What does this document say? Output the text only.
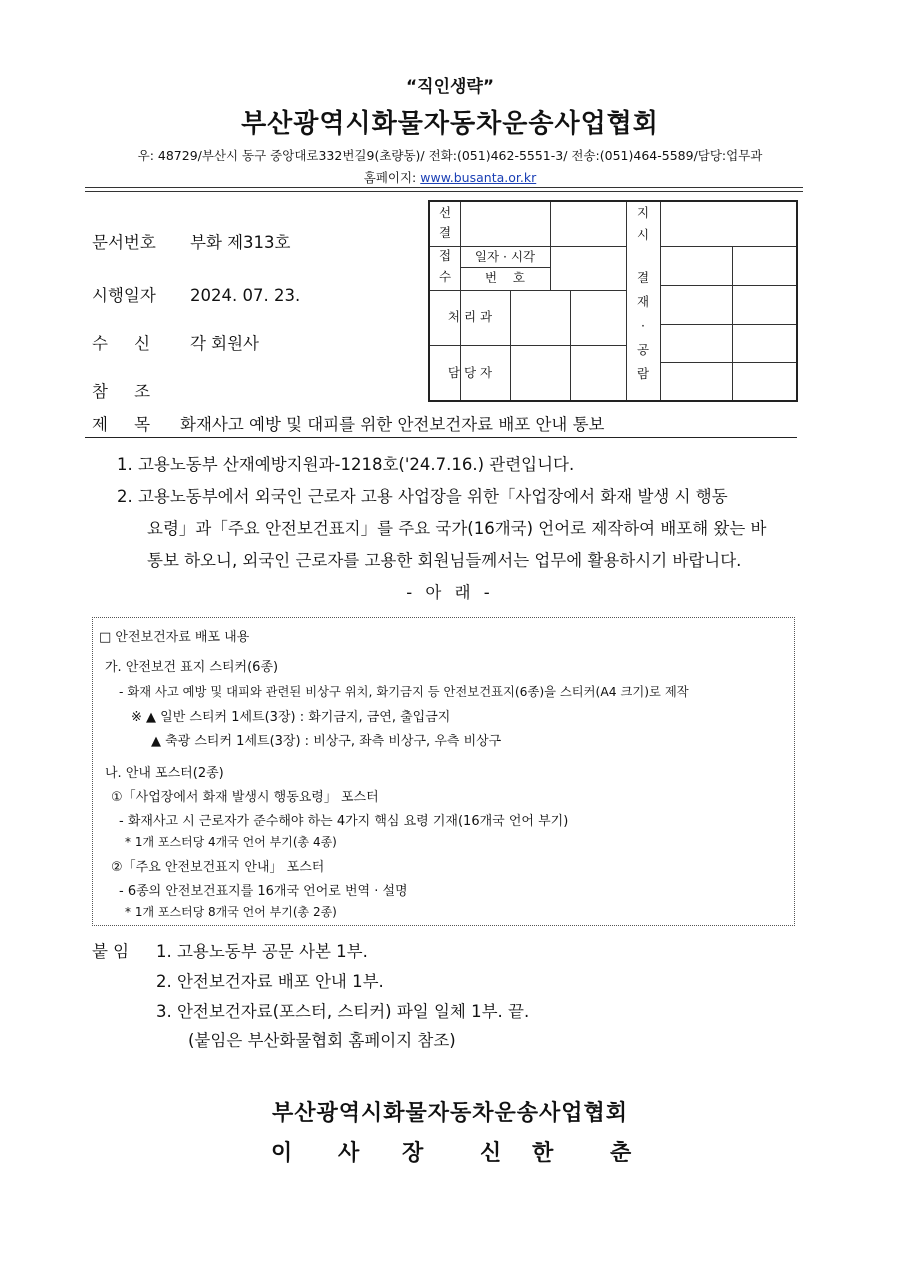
“직인생략”
부산광역시화물자동차운송사업협회
우: 48729/부산시 동구 중앙대로332번길9(초량동)/ 전화:(051)462-5551-3/ 전송:(051)464-5589/담당:업무과
홈페이지: www.busanta.or.kr
문서번호 부화 제313호
시행일자 2024. 07. 23.
수     신 각 회원사
참     조
선
결
지
시
접
수
일자 · 시각
번    호
처 리 과
담 당 자
결
재
·
공
람
제     목 화재사고 예방 및 대피를 위한 안전보건자료 배포 안내 통보
1. 고용노동부 산재예방지원과-1218호('24.7.16.) 관련입니다.
2. 고용노동부에서 외국인 근로자 고용 사업장을 위한「사업장에서 화재 발생 시 행동
요령」과「주요 안전보건표지」를 주요 국가(16개국) 언어로 제작하여 배포해 왔는 바
통보 하오니, 외국인 근로자를 고용한 회원님들께서는 업무에 활용하시기 바랍니다.
- 아 래 -
□ 안전보건자료 배포 내용
가. 안전보건 표지 스티커(6종)
- 화재 사고 예방 및 대피와 관련된 비상구 위치, 화기금지 등 안전보건표지(6종)을 스티커(A4 크기)로 제작
※ ▲ 일반 스티커 1세트(3장) : 화기금지, 금연, 출입금지
▲ 축광 스티커 1세트(3장) : 비상구, 좌측 비상구, 우측 비상구
나. 안내 포스터(2종)
①「사업장에서 화재 발생시 행동요령」 포스터
- 화재사고 시 근로자가 준수해야 하는 4가지 핵심 요령 기재(16개국 언어 부기)
* 1개 포스터당 4개국 언어 부기(총 4종)
②「주요 안전보건표지 안내」 포스터
- 6종의 안전보건표지를 16개국 언어로 번역 · 설명
* 1개 포스터당 8개국 언어 부기(총 2종)
붙 임 1. 고용노동부 공문 사본 1부.
2. 안전보건자료 배포 안내 1부.
3. 안전보건자료(포스터, 스티커) 파일 일체 1부. 끝.
(붙임은 부산화물협회 홈페이지 참조)
부산광역시화물자동차운송사업협회
이 사 장	신 한	춘
